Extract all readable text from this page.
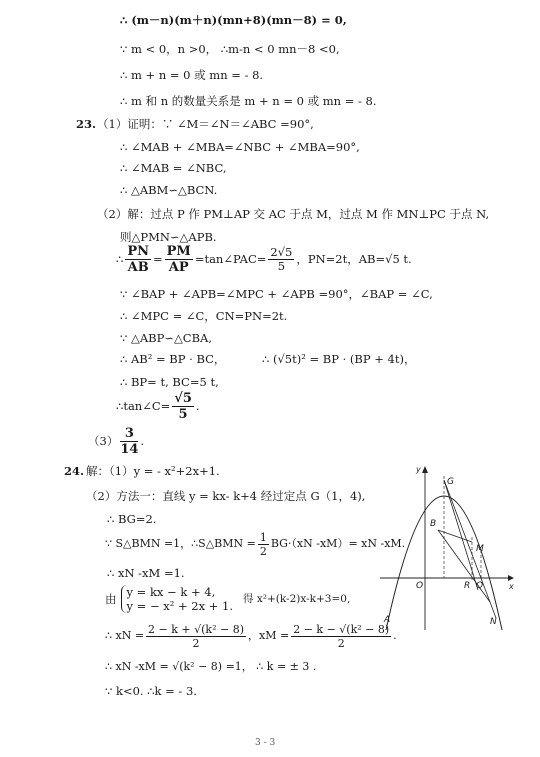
∴ (m－n)(m＋n)(mn+8)(mn－8) = 0,
∵ m < 0，n >0， ∴m-n < 0 mn－8 <0,
∴ m + n = 0 或 mn = - 8.
∴ m 和 n 的数量关系是 m + n = 0 或 mn = - 8.
23. （1）证明：∵ ∠M＝∠N＝∠ABC =90°,
∴ ∠MAB + ∠MBA=∠NBC + ∠MBA=90°,
∴ ∠MAB = ∠NBC,
∴ △ABM∽△BCN.
（2）解：过点 P 作 PM⊥AP 交 AC 于点 M，过点 M 作 MN⊥PC 于点 N,
则△PMN∽△APB.
∴ $\frac{PN}{AB} = \frac{PM}{AP}$ =tan∠PAC= $\frac{2√5}{5}$ ，PN=2t，AB=√5 t.
∵ ∠BAP + ∠APB=∠MPC + ∠APB =90°，∠BAP = ∠C,
∴ ∠MPC = ∠C，CN=PN=2t.
∵ △ABP∽△CBA,
∴ AB² = BP · BC，	∴ (√5t)² = BP · (BP + 4t)，
∴ BP= t, BC=5 t,
∴tan∠C= $\frac{√5}{5}$ .
$(3) \frac{3}{14}$ .
24. 解：（1）y = - x²+2x+1.
（2）方法一：直线 y = kx- k+4 经过定点 G（1，4),
∴ BG=2.
∵ S△BMN =1，∴S△BMN = $\frac{1}{2} BG\cdot(xN$ -xM）= xN -xM.
∴ xN -xM =1.
由 y = kx − k + 4,
y = − x² + 2x + 1. 得 x²+(k-2)x-k+3=0,
∴ xN = $\frac{\text{2 − k + √(k² − 8)}}{2}$ ，xM = $\frac{\text{2 − k − √(k² − 8)}}{2}$ .
∴ xN -xM = √(k² − 8) =1， ∴ k = ± 3 .
∵ k<0. ∴k = - 3.
x
y
G
B
M
O	R Q
A	N
3 - 3
